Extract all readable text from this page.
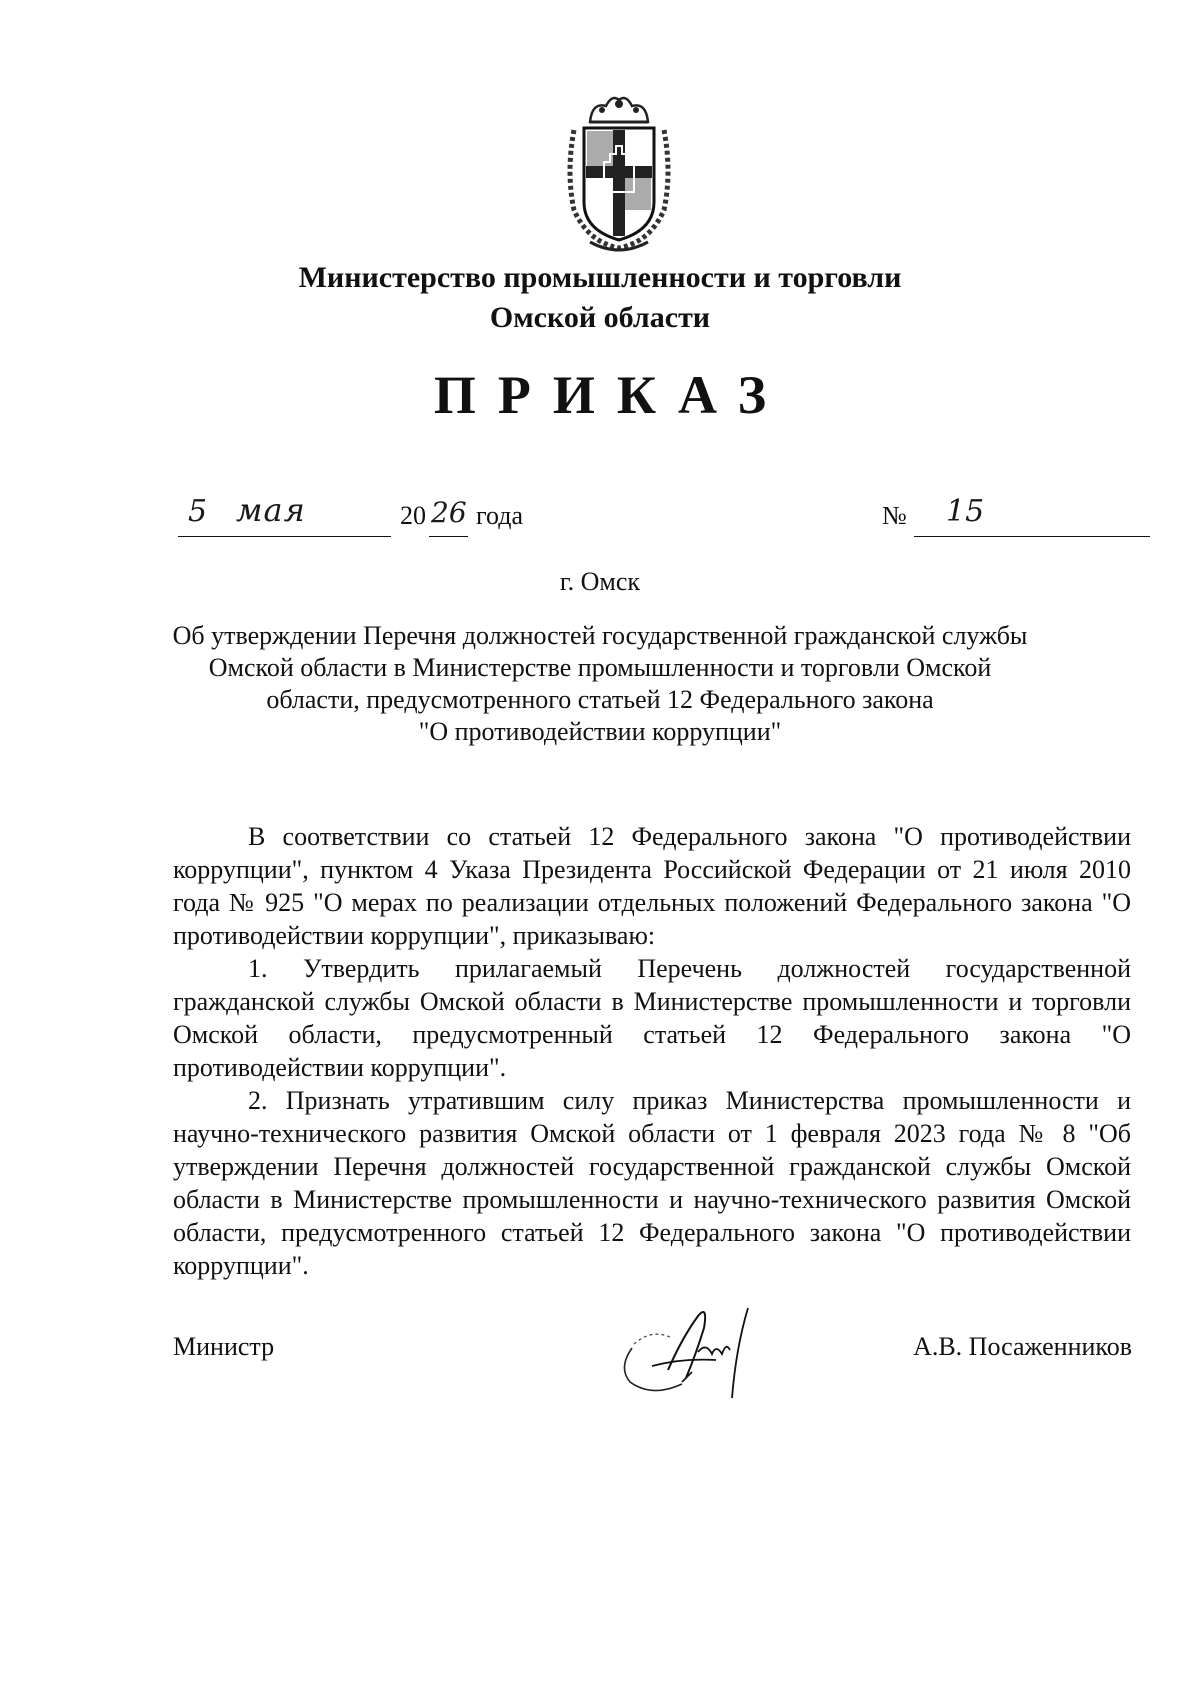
Министерство промышленности и торговли
Омской области
ПРИКАЗ
5 мая	20 26 года	№ 15
г. Омск
Об утверждении Перечня должностей государственной гражданской службы
Омской области в Министерстве промышленности и торговли Омской
области, предусмотренного статьей 12 Федерального закона
"О противодействии коррупции"

В соответствии со статьей 12 Федерального закона "О противодействии коррупции", пунктом 4 Указа Президента Российской Федерации от 21 июля 2010 года № 925 "О мерах по реализации отдельных положений Федерального закона "О противодействии коррупции", приказываю:

1. Утвердить прилагаемый Перечень должностей государственной гражданской службы Омской области в Министерстве промышленности и торговли Омской области, предусмотренный статьей 12 Федерального закона "О противодействии коррупции".

2. Признать утратившим силу приказ Министерства промышленности и научно-технического развития Омской области от 1 февраля 2023 года № 8 "Об утверждении Перечня должностей государственной гражданской службы Омской области в Министерстве промышленности и научно-технического развития Омской области, предусмотренного статьей 12 Федерального закона "О противодействии коррупции".

Министр	А.В. Посаженников
